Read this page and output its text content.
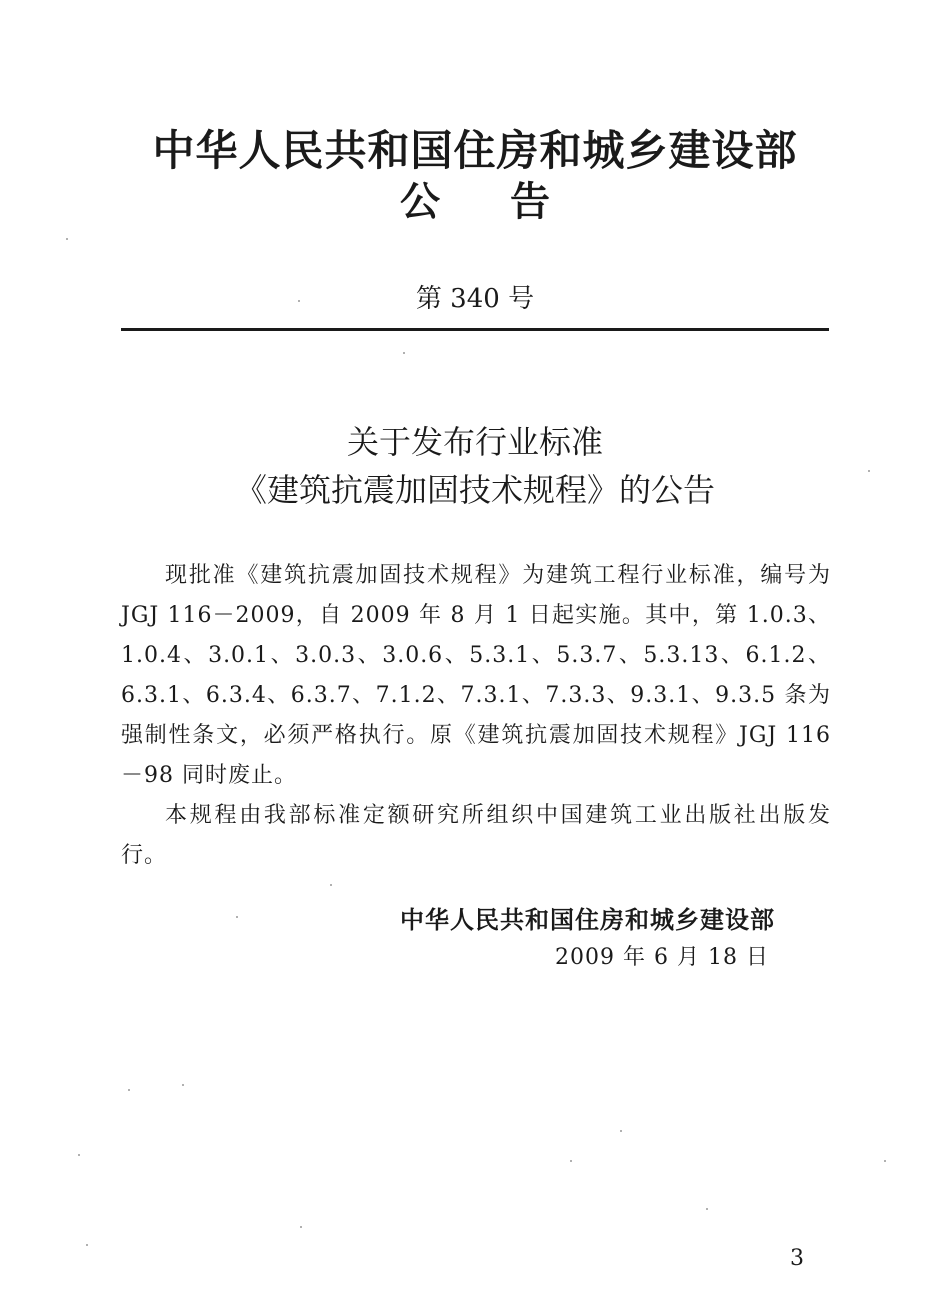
中华人民共和国住房和城乡建设部
公告
第 340 号
关于发布行业标准
《建筑抗震加固技术规程》的公告

现批准《建筑抗震加固技术规程》为建筑工程行业标准，编号为 JGJ 116－2009，自 2009 年 8 月 1 日起实施。其中，第 1.0.3、1.0.4、3.0.1、3.0.3、3.0.6、5.3.1、5.3.7、5.3.13、6.1.2、6.3.1、6.3.4、6.3.7、7.1.2、7.3.1、7.3.3、9.3.1、9.3.5 条为强制性条文，必须严格执行。原《建筑抗震加固技术规程》JGJ 116－98 同时废止。

本规程由我部标准定额研究所组织中国建筑工业出版社出版发行。

中华人民共和国住房和城乡建设部
2009 年 6 月 18 日
3
